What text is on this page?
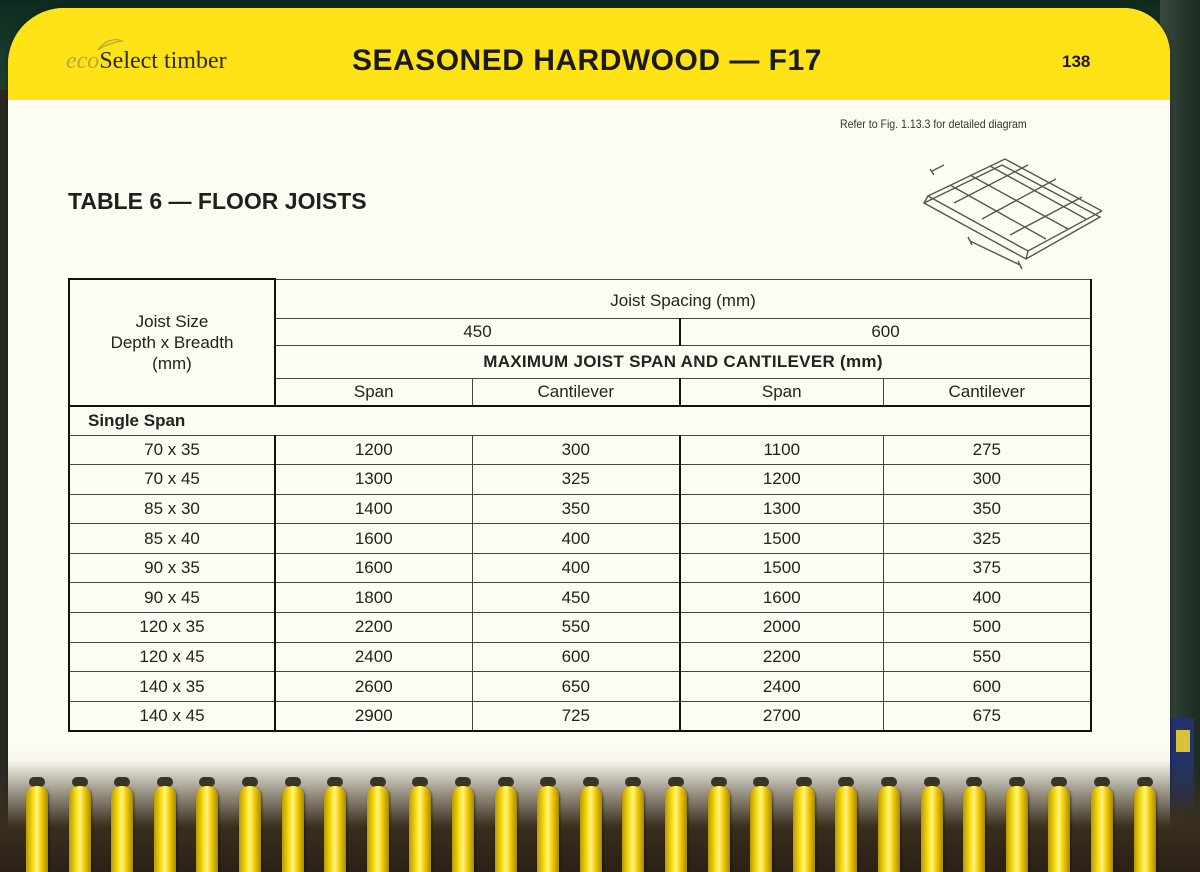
ecoSelect timber	SEASONED HARDWOOD — F17	138
Refer to Fig. 1.13.3 for detailed diagram
TABLE 6 — FLOOR JOISTS
Joist Size
Depth x Breadth
(mm)	Joist Spacing (mm)			
	450		600	
	MAXIMUM JOIST SPAN AND CANTILEVER (mm)			
	Span	Cantilever	Span	Cantilever
Single Span				
70 x 35	1200	300	1100	275
70 x 45	1300	325	1200	300
85 x 30	1400	350	1300	350
85 x 40	1600	400	1500	325
90 x 35	1600	400	1500	375
90 x 45	1800	450	1600	400
120 x 35	2200	550	2000	500
120 x 45	2400	600	2200	550
140 x 35	2600	650	2400	600
140 x 45	2900	725	2700	675
